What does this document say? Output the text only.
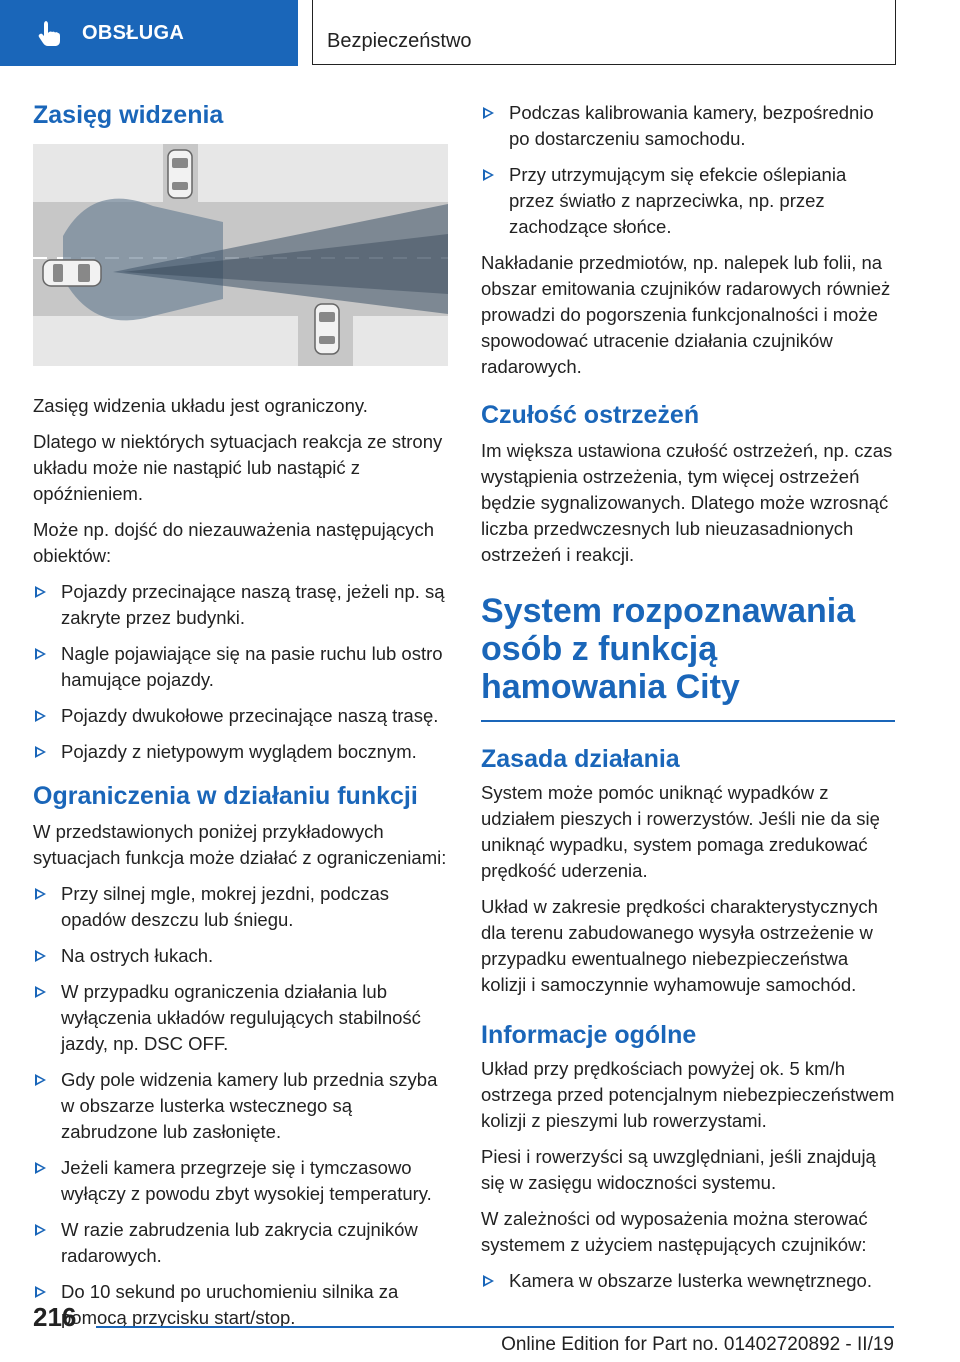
OBSŁUGA	Bezpieczeństwo
Zasięg widzenia

Zasięg widzenia układu jest ograniczony.

Dlatego w niektórych sytuacjach reakcja ze strony układu może nie nastąpić lub nastąpić z opóźnieniem.

Może np. dojść do niezauważenia następujących obiektów:

Pojazdy przecinające naszą trasę, jeżeli np. są zakryte przez budynki.
Nagle pojawiające się na pasie ruchu lub ostro hamujące pojazdy.
Pojazdy dwukołowe przecinające naszą trasę.
Pojazdy z nietypowym wyglądem bocznym.
Ograniczenia w działaniu funkcji

W przedstawionych poniżej przykładowych sytuacjach funkcja może działać z ograniczeniami:

Przy silnej mgle, mokrej jezdni, podczas opadów deszczu lub śniegu.
Na ostrych łukach.
W przypadku ograniczenia działania lub wyłączenia układów regulujących stabilność jazdy, np. DSC OFF.
Gdy pole widzenia kamery lub przednia szyba w obszarze lusterka wstecznego są zabrudzone lub zasłonięte.
Jeżeli kamera przegrzeje się i tymczasowo wyłączy z powodu zbyt wysokiej temperatury.
W razie zabrudzenia lub zakrycia czujników radarowych.
Do 10 sekund po uruchomieniu silnika za pomocą przycisku start/stop.
Podczas kalibrowania kamery, bezpośrednio po dostarczeniu samochodu.
Przy utrzymującym się efekcie oślepiania przez światło z naprzeciwka, np. przez zachodzące słońce.

Nakładanie przedmiotów, np. nalepek lub folii, na obszar emitowania czujników radarowych również prowadzi do pogorszenia funkcjonalności i może spowodować utracenie działania czujników radarowych.

Czułość ostrzeżeń

Im większa ustawiona czułość ostrzeżeń, np. czas wystąpienia ostrzeżenia, tym więcej ostrzeżeń będzie sygnalizowanych. Dlatego może wzrosnąć liczba przedwczesnych lub nieuzasadnionych ostrzeżeń i reakcji.

System rozpoznawania osób z funkcją hamowania City
Zasada działania

System może pomóc uniknąć wypadków z udziałem pieszych i rowerzystów. Jeśli nie da się uniknąć wypadku, system pomaga zredukować prędkość uderzenia.

Układ w zakresie prędkości charakterystycznych dla terenu zabudowanego wysyła ostrzeżenie w przypadku ewentualnego niebezpieczeństwa kolizji i samoczynnie wyhamowuje samochód.

Informacje ogólne

Układ przy prędkościach powyżej ok. 5 km/h ostrzega przed potencjalnym niebezpieczeństwem kolizji z pieszymi lub rowerzystami.

Piesi i rowerzyści są uwzględniani, jeśli znajdują się w zasięgu widoczności systemu.

W zależności od wyposażenia można sterować systemem z użyciem następujących czujników:

Kamera w obszarze lusterka wewnętrznego.
216
Online Edition for Part no. 01402720892 - II/19
